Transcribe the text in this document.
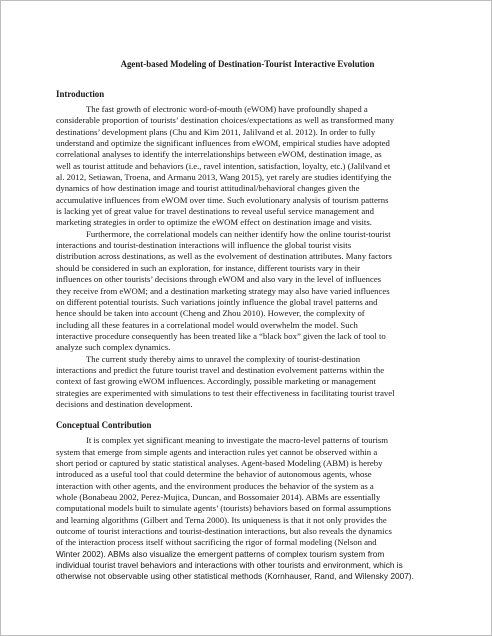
Agent-based Modeling of Destination-Tourist Interactive Evolution
Introduction
The fast growth of electronic word-of-mouth (eWOM) have profoundly shaped a
considerable proportion of tourists’ destination choices/expectations as well as transformed many
destinations’ development plans (Chu and Kim 2011, Jalilvand et al. 2012). In order to fully
understand and optimize the significant influences from eWOM, empirical studies have adopted
correlational analyses to identify the interrelationships between eWOM, destination image, as
well as tourist attitude and behaviors (i.e., ravel intention, satisfaction, loyalty, etc.) (Jalilvand et
al. 2012, Setiawan, Troena, and Armanu 2013, Wang 2015), yet rarely are studies identifying the
dynamics of how destination image and tourist attitudinal/behavioral changes given the
accumulative influences from eWOM over time. Such evolutionary analysis of tourism patterns
is lacking yet of great value for travel destinations to reveal useful service management and
marketing strategies in order to optimize the eWOM effect on destination image and visits.
Furthermore, the correlational models can neither identify how the online tourist-tourist
interactions and tourist-destination interactions will influence the global tourist visits
distribution across destinations, as well as the evolvement of destination attributes. Many factors
should be considered in such an exploration, for instance, different tourists vary in their
influences on other tourists’ decisions through eWOM and also vary in the level of influences
they receive from eWOM; and a destination marketing strategy may also have varied influences
on different potential tourists. Such variations jointly influence the global travel patterns and
hence should be taken into account (Cheng and Zhou 2010). However, the complexity of
including all these features in a correlational model would overwhelm the model. Such
interactive procedure consequently has been treated like a “black box” given the lack of tool to
analyze such complex dynamics.
The current study thereby aims to unravel the complexity of tourist-destination
interactions and predict the future tourist travel and destination evolvement patterns within the
context of fast growing eWOM influences. Accordingly, possible marketing or management
strategies are experimented with simulations to test their effectiveness in facilitating tourist travel
decisions and destination development.
Conceptual Contribution
It is complex yet significant meaning to investigate the macro-level patterns of tourism
system that emerge from simple agents and interaction rules yet cannot be observed within a
short period or captured by static statistical analyses. Agent-based Modeling (ABM) is hereby
introduced as a useful tool that could determine the behavior of autonomous agents, whose
interaction with other agents, and the environment produces the behavior of the system as a
whole (Bonabeau 2002, Perez-Mujica, Duncan, and Bossomaier 2014). ABMs are essentially
computational models built to simulate agents’ (tourists) behaviors based on formal assumptions
and learning algorithms (Gilbert and Terna 2000). Its uniqueness is that it not only provides the
outcome of tourist interactions and tourist-destination interactions, but also reveals the dynamics
of the interaction process itself without sacrificing the rigor of formal modeling (Nelson and
Winter 2002). ABMs also visualize the emergent patterns of complex tourism system from
individual tourist travel behaviors and interactions with other tourists and environment, which is
otherwise not observable using other statistical methods (Kornhauser, Rand, and Wilensky 2007).
